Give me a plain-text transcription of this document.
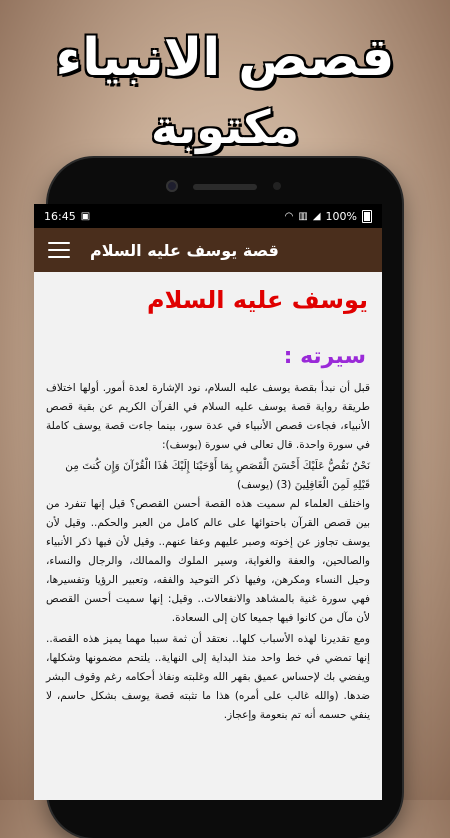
قصص الانبياء
مكتوبة
16:45 ▣	◠ ▥ ◢ 100%
قصة يوسف عليه السلام
يوسف عليه السلام
سيرته :

قبل أن نبدأ بقصة يوسف عليه السلام، نود الإشارة لعدة أمور. أولها اختلاف طريقة رواية قصة يوسف عليه السلام في القرآن الكريم عن بقية قصص الأنبياء، فجاءت قصص الأنبياء في عدة سور، بينما جاءت قصة يوسف كاملة في سورة واحدة. قال تعالى في سورة (يوسف):

نَحْنُ نَقُصُّ عَلَيْكَ أَحْسَنَ الْقَصَصِ بِمَا أَوْحَيْنَا إِلَيْكَ هَٰذَا الْقُرْآنَ وَإِن كُنتَ مِن

قَبْلِهِ لَمِنَ الْغَافِلِينَ (3) (يوسف)

واختلف العلماء لم سميت هذه القصة أحسن القصص؟ قيل إنها تنفرد من بين قصص القرآن باحتوائها على عالم كامل من العبر والحكم.. وقيل لأن يوسف تجاوز عن إخوته وصبر عليهم وعفا عنهم.. وقيل لأن فيها ذكر الأنبياء والصالحين، والعفة والغواية، وسير الملوك والممالك، والرجال والنساء، وحيل النساء ومكرهن، وفيها ذكر التوحيد والفقه، وتعبير الرؤيا وتفسيرها، فهي سورة غنية بالمشاهد والانفعالات.. وقيل: إنها سميت أحسن القصص لأن مآل من كانوا فيها جميعا كان إلى السعادة.

ومع تقديرنا لهذه الأسباب كلها.. نعتقد أن ثمة سببا مهما يميز هذه القصة.. إنها تمضي في خط واحد منذ البداية إلى النهاية.. يلتحم مضمونها وشكلها، ويفضي بك لإحساس عميق بقهر الله وغلبته ونفاذ أحكامه رغم وقوف البشر ضدها. (والله غالب على أمره) هذا ما تثبته قصة يوسف بشكل حاسم، لا ينفي حسمه أنه تم بنعومة وإعجاز.
